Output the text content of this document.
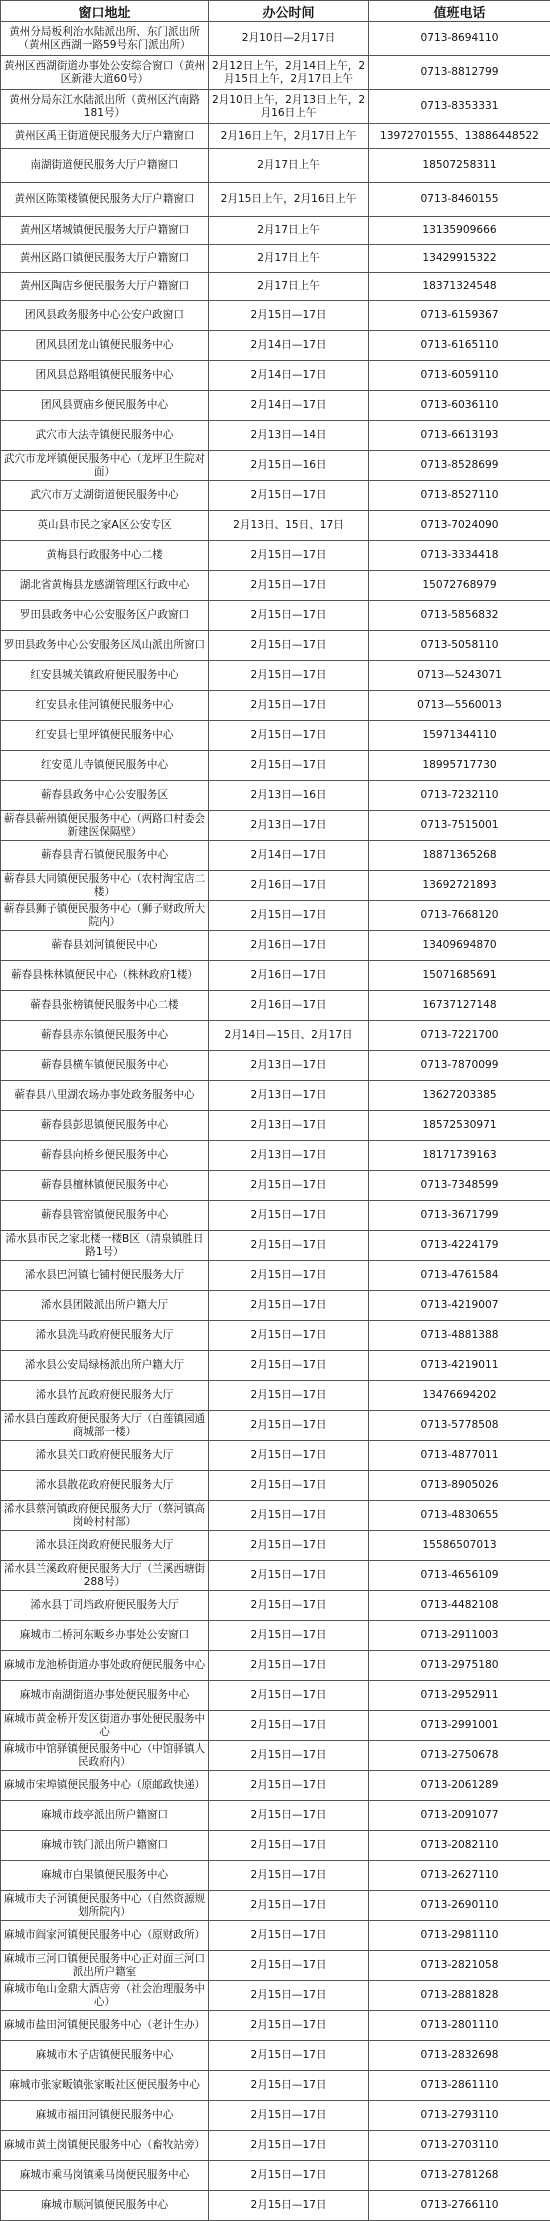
窗口地址	办公时间	值班电话
黄州分局板利治水陆派出所、东门派出所（黄州区西湖一路59号东门派出所）	2月10日—2月17日	0713-8694110
黄州区西湖街道办事处公安综合窗口（黄州区新港大道60号）	2月12日上午，2月14日上午，2月15日上午，2月17日上午	0713-8812799
黄州分局东江水陆派出所（黄州区汽南路181号）	2月10日上午，2月13日上午，2月16日上午	0713-8353331
黄州区禹王街道便民服务大厅户籍窗口	2月16日上午，2月17日上午	13972701555、13886448522
南湖街道便民服务大厅户籍窗口	2月17日上午	18507258311
黄州区陈策楼镇便民服务大厅户籍窗口	2月15日上午，2月16日上午	0713-8460155
黄州区堵城镇便民服务大厅户籍窗口	2月17日上午	13135909666
黄州区路口镇便民服务大厅户籍窗口	2月17日上午	13429915322
黄州区陶店乡便民服务大厅户籍窗口	2月17日上午	18371324548
团风县政务服务中心公安户政窗口	2月15日—17日	0713-6159367
团风县团龙山镇便民服务中心	2月14日—17日	0713-6165110
团风县总路咀镇便民服务中心	2月14日—17日	0713-6059110
团风县贾庙乡便民服务中心	2月14日—17日	0713-6036110
武穴市大法寺镇便民服务中心	2月13日—14日	0713-6613193
武穴市龙坪镇便民服务中心（龙坪卫生院对面）	2月15日—16日	0713-8528699
武穴市万丈湖街道便民服务中心	2月15日—17日	0713-8527110
英山县市民之家A区公安专区	2月13日、15日、17日	0713-7024090
黄梅县行政服务中心二楼	2月15日—17日	0713-3334418
湖北省黄梅县龙感湖管理区行政中心	2月15日—17日	15072768979
罗田县政务中心公安服务区户政窗口	2月15日—17日	0713-5856832
罗田县政务中心公安服务区凤山派出所窗口	2月15日—17日	0713-5058110
红安县城关镇政府便民服务中心	2月15日—17日	0713—5243071
红安县永佳河镇便民服务中心	2月15日—17日	0713—5560013
红安县七里坪镇便民服务中心	2月15日—17日	15971344110
红安觅儿寺镇便民服务中心	2月15日—17日	18995717730
蕲春县政务中心公安服务区	2月13日—16日	0713-7232110
蕲春县蕲州镇便民服务中心（两路口村委会新建医保隔壁）	2月13日—17日	0713-7515001
蕲春县青石镇便民服务中心	2月14日—17日	18871365268
蕲春县大同镇便民服务中心（农村淘宝店二楼）	2月16日—17日	13692721893
蕲春县狮子镇便民服务中心（狮子财政所大院内）	2月15日—17日	0713-7668120
蕲春县刘河镇便民中心	2月16日—17日	13409694870
蕲春县株林镇便民中心（株林政府1楼）	2月16日—17日	15071685691
蕲春县张榜镇便民服务中心二楼	2月16日—17日	16737127148
蕲春县赤东镇便民服务中心	2月14日—15日、2月17日	0713-7221700
蕲春县横车镇便民服务中心	2月13日—17日	0713-7870099
蕲春县八里湖农场办事处政务服务中心	2月13日—17日	13627203385
蕲春县彭思镇便民服务中心	2月13日—17日	18572530971
蕲春县向桥乡便民服务中心	2月13日—17日	18171739163
蕲春县檀林镇便民服务中心	2月15日—17日	0713-7348599
蕲春县管窑镇便民服务中心	2月15日—17日	0713-3671799
浠水县市民之家北楼一楼B区（清泉镇胜日路1号）	2月15日—17日	0713-4224179
浠水县巴河镇七铺村便民服务大厅	2月15日—17日	0713-4761584
浠水县团陂派出所户籍大厅	2月15日—17日	0713-4219007
浠水县洗马政府便民服务大厅	2月15日—17日	0713-4881388
浠水县公安局绿杨派出所户籍大厅	2月15日—17日	0713-4219011
浠水县竹瓦政府便民服务大厅	2月15日—17日	13476694202
浠水县白莲政府便民服务大厅（白莲镇园通商城部一楼）	2月15日—17日	0713-5778508
浠水县关口政府便民服务大厅	2月15日—17日	0713-4877011
浠水县散花政府便民服务大厅	2月15日—17日	0713-8905026
浠水县蔡河镇政府便民服务大厅（蔡河镇高岗岭村村部）	2月15日—17日	0713-4830655
浠水县汪岗政府便民服务大厅	2月15日—17日	15586507013
浠水县兰溪政府便民服务大厅（兰溪西塘街288号）	2月15日—17日	0713-4656109
浠水县丁司垱政府便民服务大厅	2月15日—17日	0713-4482108
麻城市二桥河东畈乡办事处公安窗口	2月15日—17日	0713-2911003
麻城市龙池桥街道办事处政府便民服务中心	2月15日—17日	0713-2975180
麻城市南湖街道办事处便民服务中心	2月15日—17日	0713-2952911
麻城市黄金桥开发区街道办事处便民服务中心	2月15日—17日	0713-2991001
麻城市中馆驿镇便民服务中心（中馆驿镇人民政府内）	2月15日—17日	0713-2750678
麻城市宋埠镇便民服务中心（原邮政快递）	2月15日—17日	0713-2061289
麻城市歧亭派出所户籍窗口	2月15日—17日	0713-2091077
麻城市铁门派出所户籍窗口	2月15日—17日	0713-2082110
麻城市白果镇便民服务中心	2月15日—17日	0713-2627110
麻城市夫子河镇便民服务中心（自然资源规划所院内）	2月15日—17日	0713-2690110
麻城市阎家河镇便民服务中心（原财政所）	2月15日—17日	0713-2981110
麻城市三河口镇便民服务中心正对面三河口派出所户籍室	2月15日—17日	0713-2821058
麻城市龟山金鼎大酒店旁（社会治理服务中心）	2月15日—17日	0713-2881828
麻城市盐田河镇便民服务中心（老计生办）	2月15日—17日	0713-2801110
麻城市木子店镇便民服务中心	2月15日—17日	0713-2832698
麻城市张家畈镇张家畈社区便民服务中心	2月15日—17日	0713-2861110
麻城市福田河镇便民服务中心	2月15日—17日	0713-2793110
麻城市黄土岗镇便民服务中心（畜牧站旁）	2月15日—17日	0713-2703110
麻城市乘马岗镇乘马岗便民服务中心	2月15日—17日	0713-2781268
麻城市顺河镇便民服务中心	2月15日—17日	0713-2766110
